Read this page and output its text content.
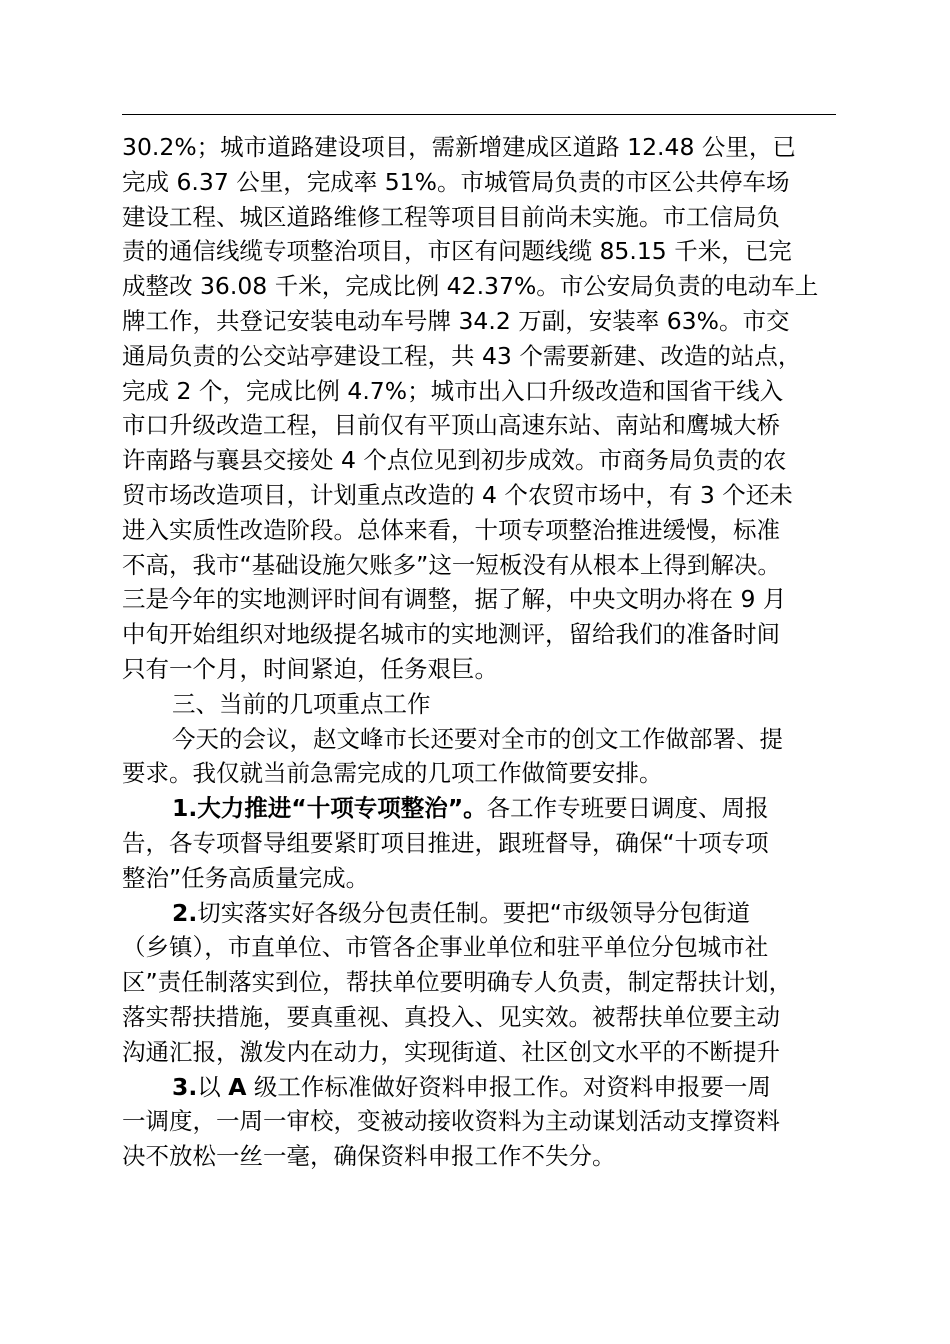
30.2%；城市道路建设项目，需新增建成区道路 12.48 公里，已
完成 6.37 公里，完成率 51%。市城管局负责的市区公共停车场
建设工程、城区道路维修工程等项目目前尚未实施。市工信局负
责的通信线缆专项整治项目，市区有问题线缆 85.15 千米，已完
成整改 36.08 千米，完成比例 42.37%。市公安局负责的电动车上
牌工作，共登记安装电动车号牌 34.2 万副，安装率 63%。市交
通局负责的公交站亭建设工程，共 43 个需要新建、改造的站点，
完成 2 个，完成比例 4.7%；城市出入口升级改造和国省干线入
市口升级改造工程，目前仅有平顶山高速东站、南站和鹰城大桥
许南路与襄县交接处 4 个点位见到初步成效。市商务局负责的农
贸市场改造项目，计划重点改造的 4 个农贸市场中，有 3 个还未
进入实质性改造阶段。总体来看，十项专项整治推进缓慢，标准
不高，我市“基础设施欠账多”这一短板没有从根本上得到解决。
三是今年的实地测评时间有调整，据了解，中央文明办将在 9 月
中旬开始组织对地级提名城市的实地测评，留给我们的准备时间
只有一个月，时间紧迫，任务艰巨。
三、当前的几项重点工作
今天的会议，赵文峰市长还要对全市的创文工作做部署、提
要求。我仅就当前急需完成的几项工作做简要安排。
1.大力推进“十项专项整治”。各工作专班要日调度、周报
告，各专项督导组要紧盯项目推进，跟班督导，确保“十项专项
整治”任务高质量完成。
2.切实落实好各级分包责任制。要把“市级领导分包街道
（乡镇），市直单位、市管各企事业单位和驻平单位分包城市社
区”责任制落实到位，帮扶单位要明确专人负责，制定帮扶计划，
落实帮扶措施，要真重视、真投入、见实效。被帮扶单位要主动
沟通汇报，激发内在动力，实现街道、社区创文水平的不断提升
3.以 A 级工作标准做好资料申报工作。对资料申报要一周
一调度，一周一审校，变被动接收资料为主动谋划活动支撑资料
决不放松一丝一毫，确保资料申报工作不失分。
